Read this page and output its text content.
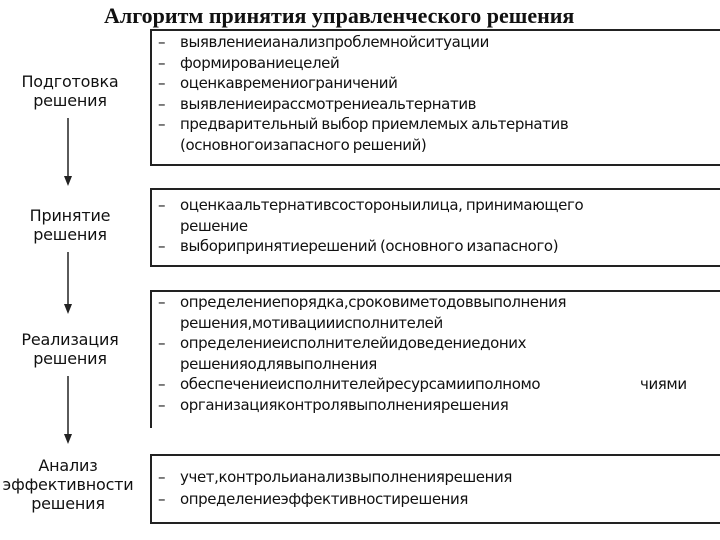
Алгоритм принятия управленческого решения
Подготовка
решения
Принятие
решения
Реализация
решения
Анализ
эффективности
решения
– выявлениеианализпроблемнойситуации
– формированиецелей
– оценкавремениограничений
– выявлениеирассмотрениеальтернатив
– предварительный выбор приемлемых альтернатив
(основногоизапасного решений)
– оценкаальтернативсостороныилица, принимающего
решение
– выборипринятиерешений (основного изапасного)
– определениепорядка,сроковиметодоввыполнения
решения,мотивацииисполнителей
– определениеисполнителейидоведениедоних
решенияодлявыполнения
– обеспечениеисполнителейресурсамииполномо	чиями
– организацияконтролявыполнениярешения
– учет,контрольианализвыполнениярешения
– определениеэффективностирешения
